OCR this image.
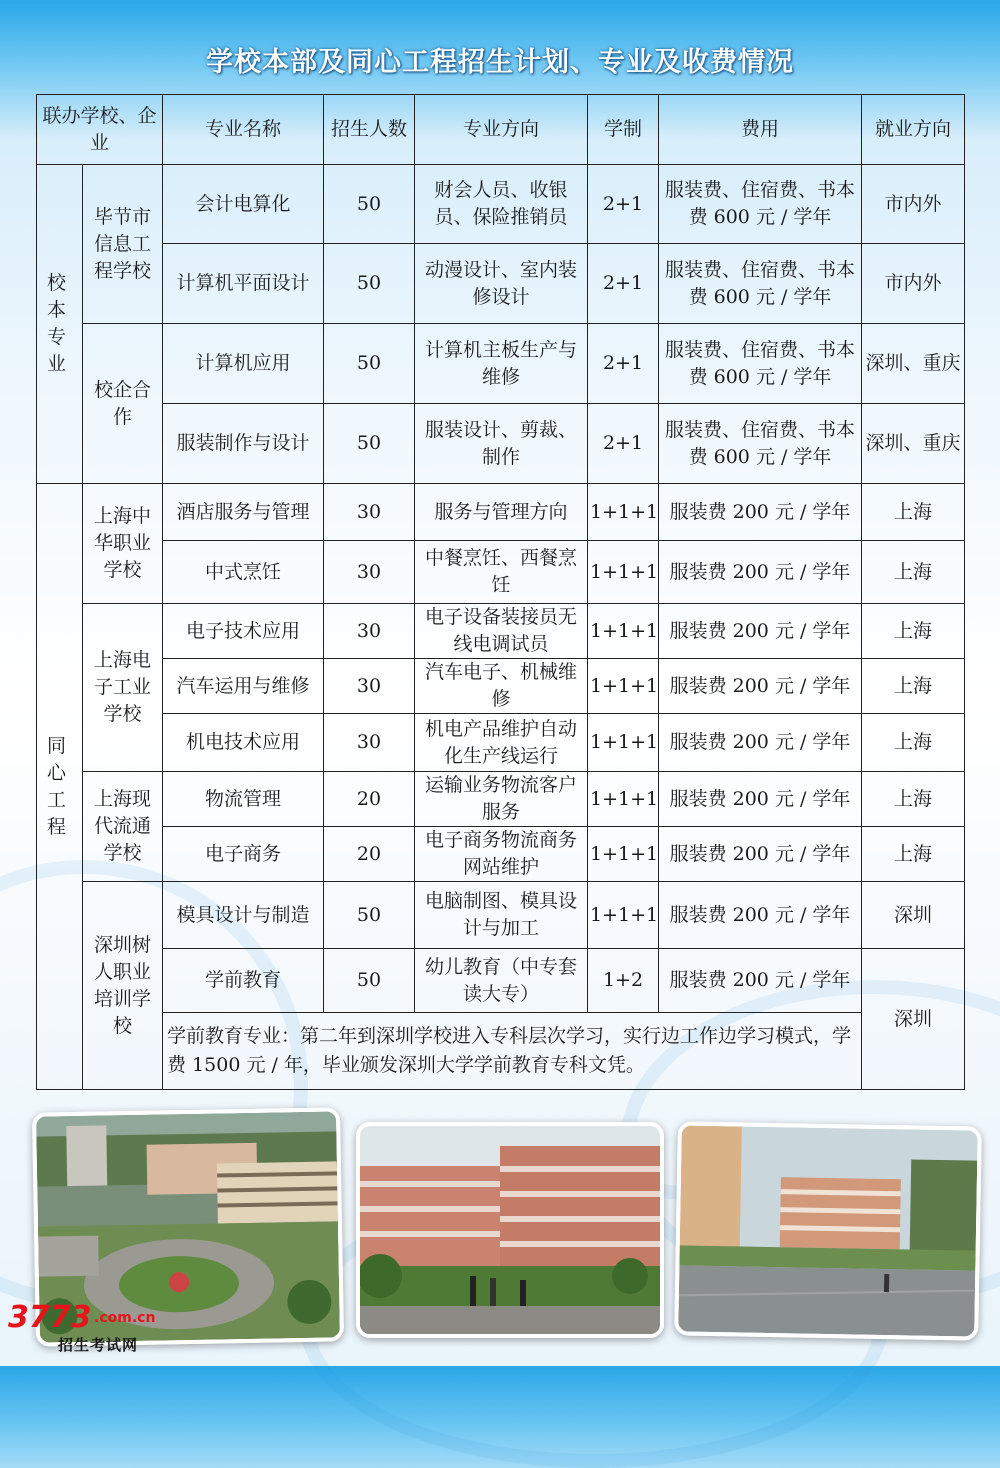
学校本部及同心工程招生计划、专业及收费情况
联办学校、企业		专业名称	招生人数	专业方向	学制	费用	就业方向
校本专业	毕节市信息工程学校	会计电算化	50	财会人员、收银员、保险推销员	2+1	服装费、住宿费、书本费 600 元 / 学年	市内外
		计算机平面设计	50	动漫设计、室内装修设计	2+1	服装费、住宿费、书本费 600 元 / 学年	市内外
	校企合作	计算机应用	50	计算机主板生产与维修	2+1	服装费、住宿费、书本费 600 元 / 学年	深圳、重庆
		服装制作与设计	50	服装设计、剪裁、制作	2+1	服装费、住宿费、书本费 600 元 / 学年	深圳、重庆
同心工程	上海中华职业学校	酒店服务与管理	30	服务与管理方向	1+1+1	服装费 200 元 / 学年	上海
		中式烹饪	30	中餐烹饪、西餐烹饪	1+1+1	服装费 200 元 / 学年	上海
	上海电子工业学校	电子技术应用	30	电子设备装接员无线电调试员	1+1+1	服装费 200 元 / 学年	上海
		汽车运用与维修	30	汽车电子、机械维修	1+1+1	服装费 200 元 / 学年	上海
		机电技术应用	30	机电产品维护自动化生产线运行	1+1+1	服装费 200 元 / 学年	上海
	上海现代流通学校	物流管理	20	运输业务物流客户服务	1+1+1	服装费 200 元 / 学年	上海
		电子商务	20	电子商务物流商务网站维护	1+1+1	服装费 200 元 / 学年	上海
	深圳树人职业培训学校	模具设计与制造	50	电脑制图、模具设计与加工	1+1+1	服装费 200 元 / 学年	深圳
		学前教育	50	幼儿教育（中专套读大专）	1+2	服装费 200 元 / 学年	深圳
		学前教育专业：第二年到深圳学校进入专科层次学习，实行边工作边学习模式，学费 1500 元 / 年，毕业颁发深圳大学学前教育专科文凭。					
3773 .com.cn
招生考试网
